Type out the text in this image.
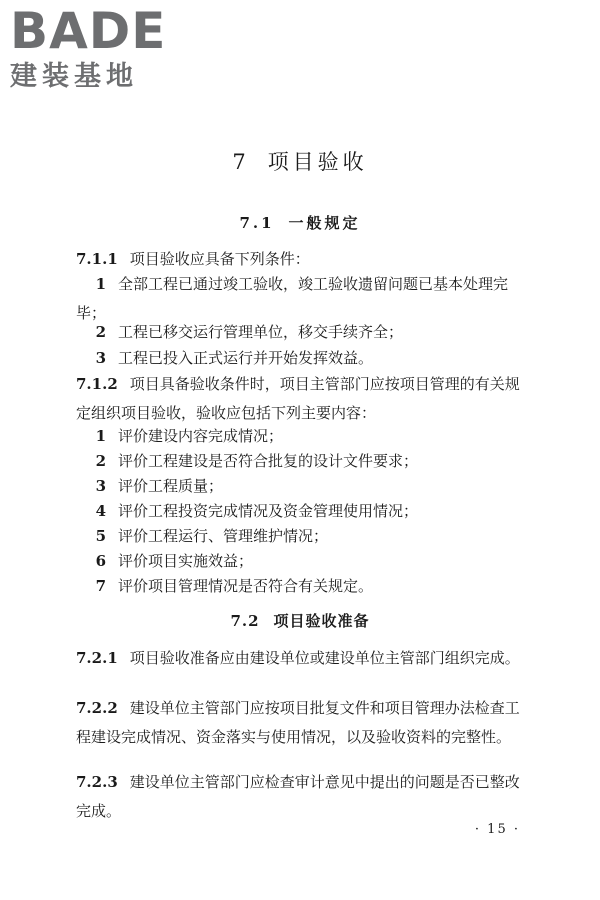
BADE
建装基地
7 项目验收
7.1 一般规定
7.1.1 项目验收应具备下列条件：
1 全部工程已通过竣工验收，竣工验收遗留问题已基本处理完毕；
2 工程已移交运行管理单位，移交手续齐全；
3 工程已投入正式运行并开始发挥效益。
7.1.2 项目具备验收条件时，项目主管部门应按项目管理的有关规定组织项目验收，验收应包括下列主要内容：
1 评价建设内容完成情况；
2 评价工程建设是否符合批复的设计文件要求；
3 评价工程质量；
4 评价工程投资完成情况及资金管理使用情况；
5 评价工程运行、管理维护情况；
6 评价项目实施效益；
7 评价项目管理情况是否符合有关规定。
7.2 项目验收准备
7.2.1 项目验收准备应由建设单位或建设单位主管部门组织完成。
7.2.2 建设单位主管部门应按项目批复文件和项目管理办法检查工程建设完成情况、资金落实与使用情况，以及验收资料的完整性。
7.2.3 建设单位主管部门应检查审计意见中提出的问题是否已整改完成。
· 15 ·
